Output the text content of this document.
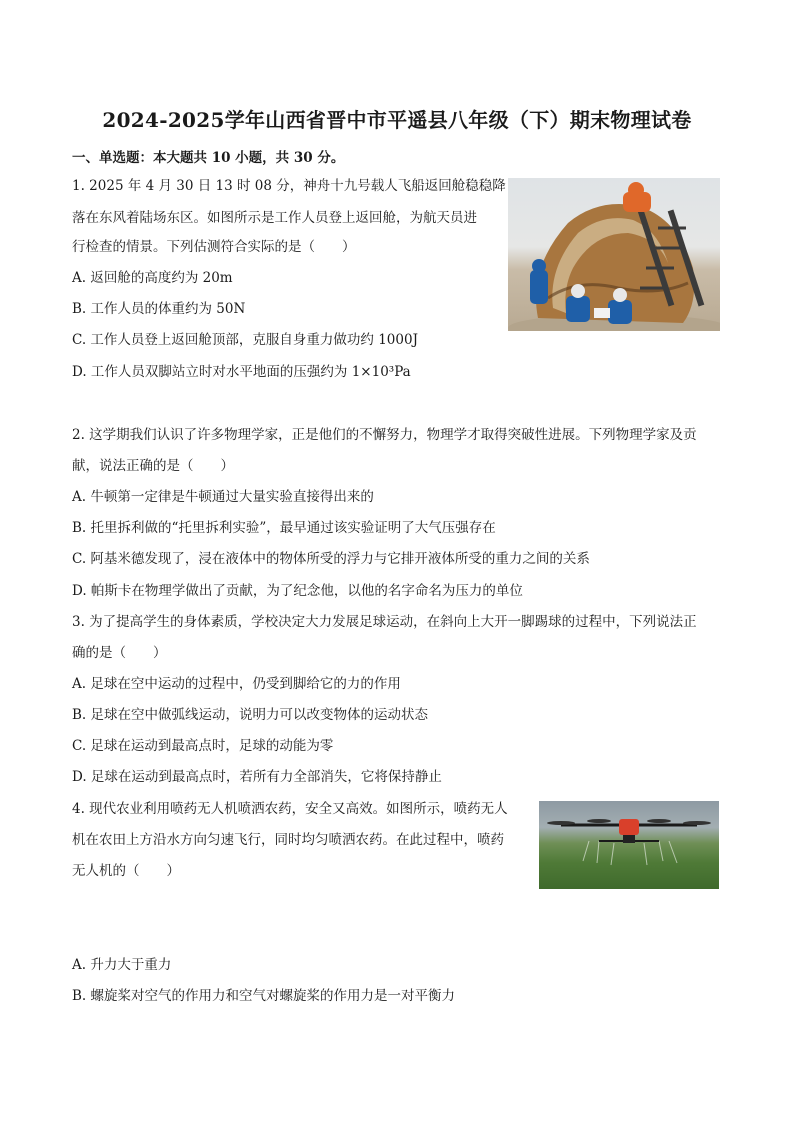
2024-2025学年山西省晋中市平遥县八年级（下）期末物理试卷
一、单选题：本大题共 10 小题，共 30 分。
1. 2025 年 4 月 30 日 13 时 08 分，神舟十九号载人飞船返回舱稳稳降
落在东风着陆场东区。如图所示是工作人员登上返回舱，为航天员进
行检查的情景。下列估测符合实际的是（　　）
A. 返回舱的高度约为 20m
B. 工作人员的体重约为 50N
C. 工作人员登上返回舱顶部，克服自身重力做功约 1000J
D. 工作人员双脚站立时对水平地面的压强约为 1×10³Pa
2. 这学期我们认识了许多物理学家，正是他们的不懈努力，物理学才取得突破性进展。下列物理学家及贡
献，说法正确的是（　　）
A. 牛顿第一定律是牛顿通过大量实验直接得出来的
B. 托里拆利做的“托里拆利实验”，最早通过该实验证明了大气压强存在
C. 阿基米德发现了，浸在液体中的物体所受的浮力与它排开液体所受的重力之间的关系
D. 帕斯卡在物理学做出了贡献，为了纪念他，以他的名字命名为压力的单位
3. 为了提高学生的身体素质，学校决定大力发展足球运动，在斜向上大开一脚踢球的过程中，下列说法正
确的是（　　）
A. 足球在空中运动的过程中，仍受到脚给它的力的作用
B. 足球在空中做弧线运动，说明力可以改变物体的运动状态
C. 足球在运动到最高点时，足球的动能为零
D. 足球在运动到最高点时，若所有力全部消失，它将保持静止
4. 现代农业利用喷药无人机喷洒农药，安全又高效。如图所示，喷药无人
机在农田上方沿水方向匀速飞行，同时均匀喷洒农药。在此过程中，喷药
无人机的（　　）
A. 升力大于重力
B. 螺旋桨对空气的作用力和空气对螺旋桨的作用力是一对平衡力
